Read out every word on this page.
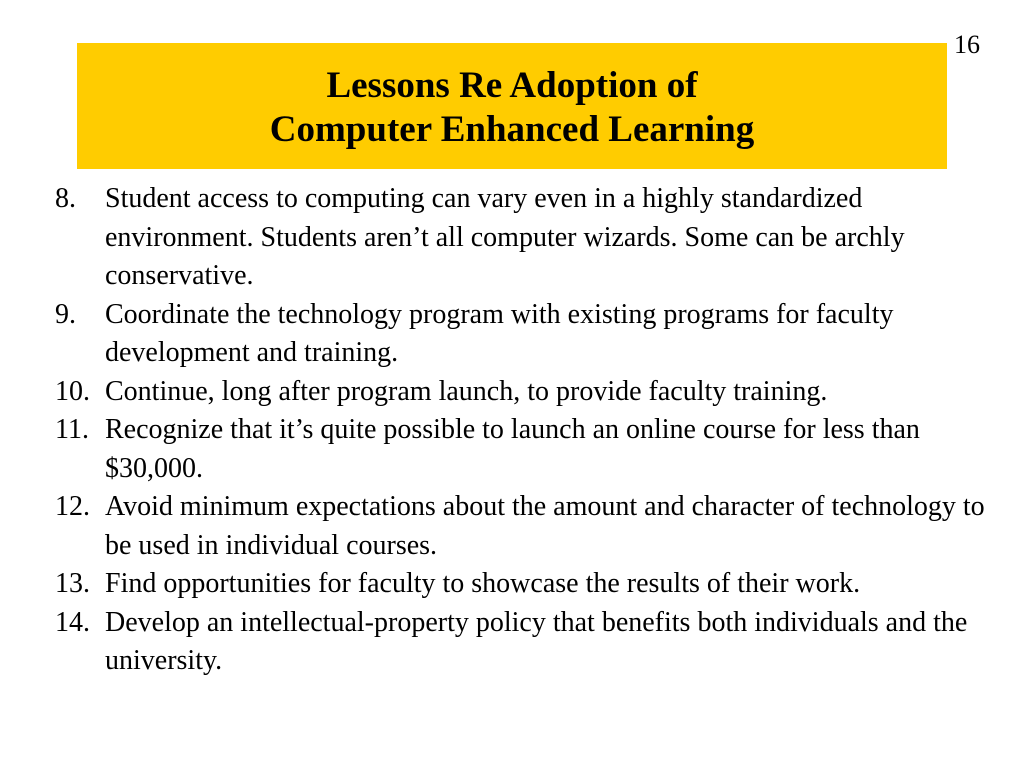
16
Lessons Re Adoption of
Computer Enhanced Learning
8.	Student access to computing can vary even in a highly standardized environment. Students aren’t all computer wizards. Some can be archly conservative.
9.	Coordinate the technology program with existing programs for faculty development and training.
10. Continue, long after program launch, to provide faculty training.
11. Recognize that it’s quite possible to launch an online course for less than $30,000.
12. Avoid minimum expectations about the amount and character of technology to be used in individual courses.
13. Find opportunities for faculty to showcase the results of their work.
14. Develop an intellectual-property policy that benefits both individuals and the university.
